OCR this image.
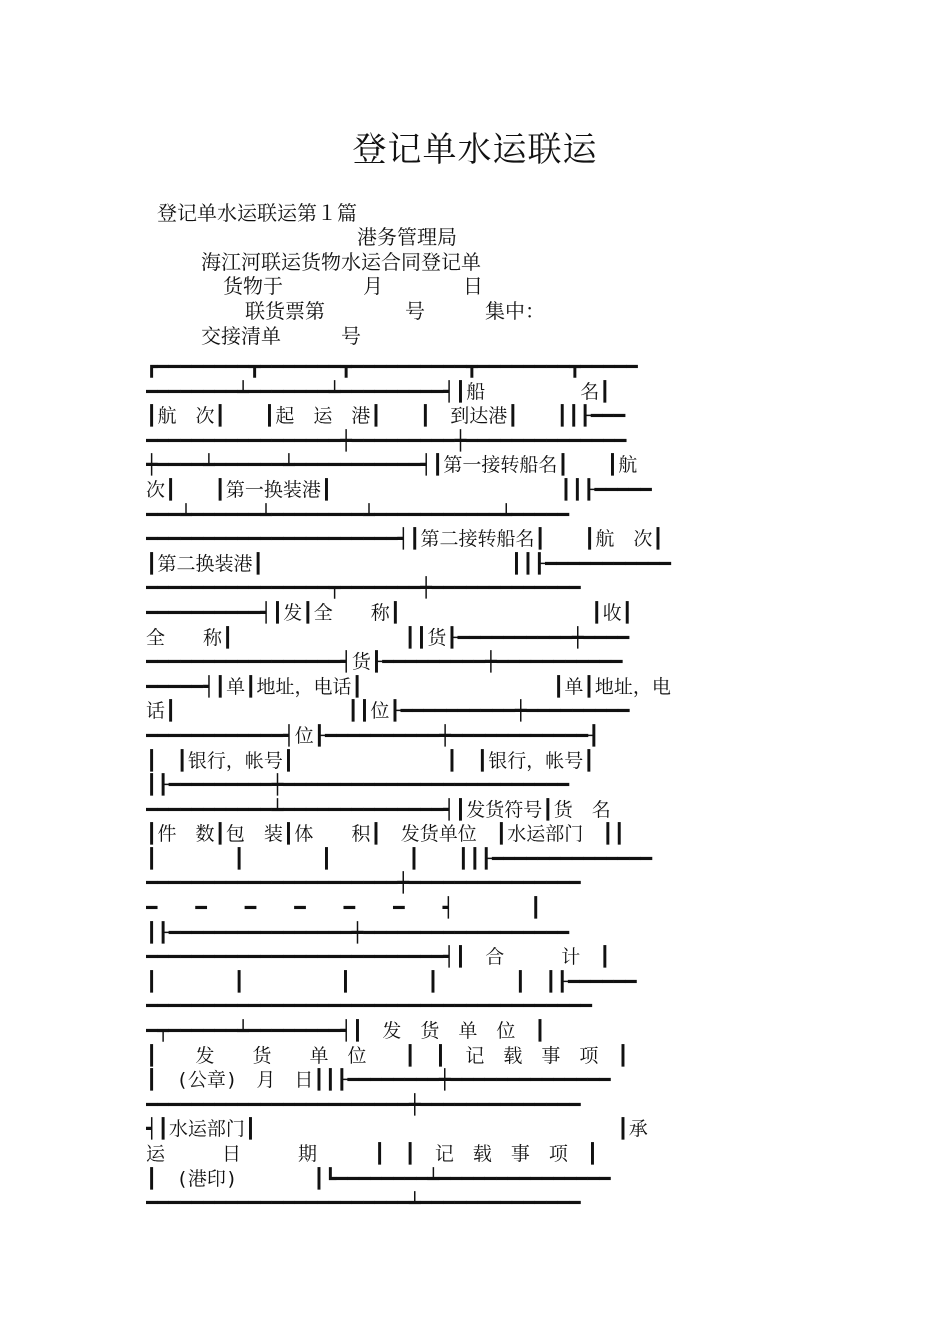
登记单水运联运
登记单水运联运第１篇
港务管理局
海江河联运货物水运合同登记单
货物于　　　　月　　　　日
联货票第　　　　号　　　集中：
交接清单　　　号
┏━━━━━━━━┳━━━━━━━┳━━━━━━━━━━┳━━━━━━━━┳━━━━━
━━━━━━━━┷━━━━━━━┷━━━━━━━━━┥┃船　　　　　名┃
┃航　次┃　　┃起　运　港┃　　┃　到达港┃　　┃┃┠━━━
━━━━━━━━━━━━━━━━━┿━━━━━━━━━┿━━━━━━━━━━━━━━
┿━━━━┷━━━━━━┷━━━━━━━━━━━┥┃第一接转船名┃　　┃航
次┃　　┃第一换装港┃　　　　　　　　　　　　┃┃┠━━━━━
━━━┷━━━━━━┷━━━━━━━━┷━━━━━━━━━━━┷━━━━━
━━━━━━━━━━━━━━━━━━━━━━┥┃第二接转船名┃　　┃航　次┃
┃第二换装港┃　　　　　　　　　　　　　┃┃┠━━━━━━━━━━━
━━━━━━━━━━━━━━━━┯━━━━━━━┿━━━━━━━━━━━━━
━━━━━━━━━━┥┃发┃全　　称┃　　　　　　　　　　┃收┃
全　　称┃　　　　　　　　　┃┃货┠━━━━━━━━━━┿━━━━
━━━━━━━━━━━━━━━━━┥货┠━━━━━━━━━┿━━━━━━━━━━━
━━━━━┥┃单┃地址，电话┃　　　　　　　　　　┃单┃地址，电
话┃　　　　　　　　　┃┃位┠━━━━━━━━━━┿━━━━━━━━━
━━━━━━━━━━━━┥位┠━━━━━━━━━━┿━━━━━━━━━━━━┨
┃　┃银行，帐号┃　　　　　　　　┃　┃银行，帐号┃
┃┠━━━━━━━━━┿━━━━━━━━━━━━━━━━━━━━━━━━━
━━━━━━━━━━━┷━━━━━━━━━━━━━━┥┃发货符号┃货　名
┃件　数┃包　装┃体　　积┃　发货单位　┃水运部门　┃┃
┃　　　　┃　　　　┃　　　　┃　　┃┃┠━━━━━━━━━━━━━━
━━━━━━━━━━━━━━━━━━━━━━┿━━━━━━━━━━━━━━━
━　　━　　━　　━　　━　　━　　┥　　　　┃
┃┠━━━━━━━━━━━━━━━━┿━━━━━━━━━━━━━━━━━━
━━━━━━━━━━━━━━━━━━━━━━━━━━┥┃　合　　　计　┃
┃　　　　┃　　　　　┃　　　　┃　　　　┃　┃┠━━━━━━
━━━━━━━━━━━━━━━━━━━━━━━━━━━━━━━━━━━━━━━
━┯━━━━━━┷━━━━━━━━┥┃　发　货　单　位　┃
┃　　发　　货　　单　位　　┃　┃　记　载　事　项　┃
┃　(公章)　月　日┃┃┠━━━━━━━━┿━━━━━━━━━━━━━━
━━━━━━━━━━━━━━━━━━━━━━━┿━━━━━━━━━━━━━━
┥┃水运部门┃　　　　　　　　　　　　　　　　　　　┃承
运　　　日　　　期　　　┃　┃　记　载　事　项　┃
┃　(港印)　　　　┃┗━━━━━━━━┷━━━━━━━━━━━━━━━
━━━━━━━━━━━━━━━━━━━━━━━┷━━━━━━━━━━━━━━
